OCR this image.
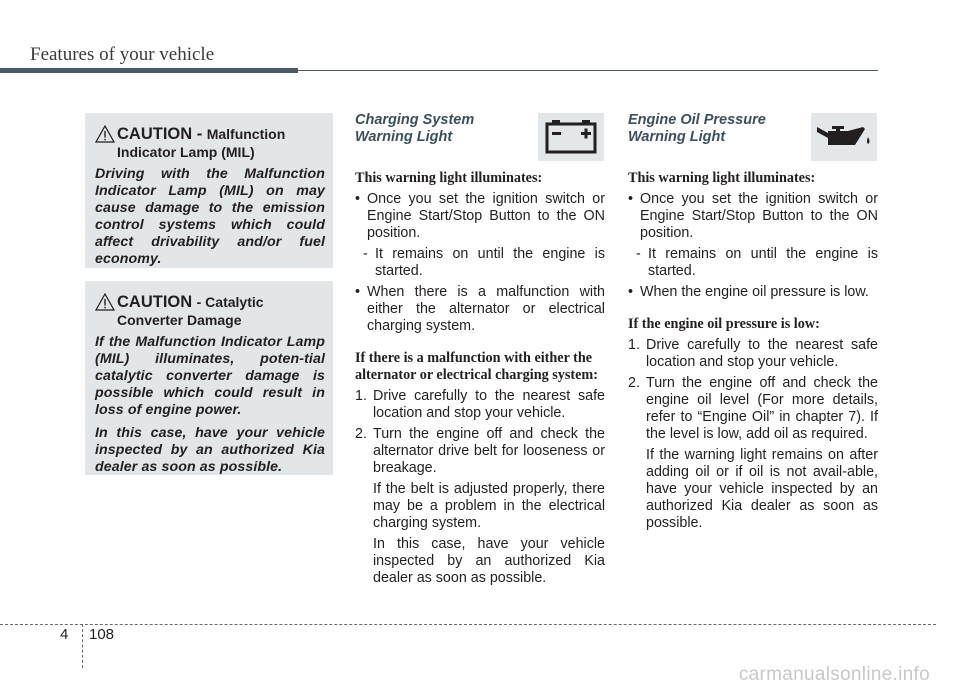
Features of your vehicle
CAUTION - Malfunction
Indicator Lamp (MIL)

Driving with the Malfunction Indicator Lamp (MIL) on may cause damage to the emission control systems which could affect drivability and/or fuel economy.

CAUTION - Catalytic
Converter Damage

If the Malfunction Indicator Lamp (MIL) illuminates, poten-tial catalytic converter damage is possible which could result in loss of engine power.

In this case, have your vehicle inspected by an authorized Kia dealer as soon as possible.

Charging System
Warning Light

This warning light illuminates:

• Once you set the ignition switch or Engine Start/Stop Button to the ON position.

- It remains on until the engine is started.

• When there is a malfunction with either the alternator or electrical charging system.

If there is a malfunction with either the alternator or electrical charging system:

1. Drive carefully to the nearest safe location and stop your vehicle.

2. Turn the engine off and check the alternator drive belt for looseness or breakage.

If the belt is adjusted properly, there may be a problem in the electrical charging system.

In this case, have your vehicle inspected by an authorized Kia dealer as soon as possible.

Engine Oil Pressure
Warning Light

This warning light illuminates:

• Once you set the ignition switch or Engine Start/Stop Button to the ON position.

- It remains on until the engine is started.

• When the engine oil pressure is low.

If the engine oil pressure is low:

1. Drive carefully to the nearest safe location and stop your vehicle.

2. Turn the engine off and check the engine oil level (For more details, refer to “Engine Oil” in chapter 7). If the level is low, add oil as required.

If the warning light remains on after adding oil or if oil is not avail-able, have your vehicle inspected by an authorized Kia dealer as soon as possible.

4 108
carmanualsonline.info
